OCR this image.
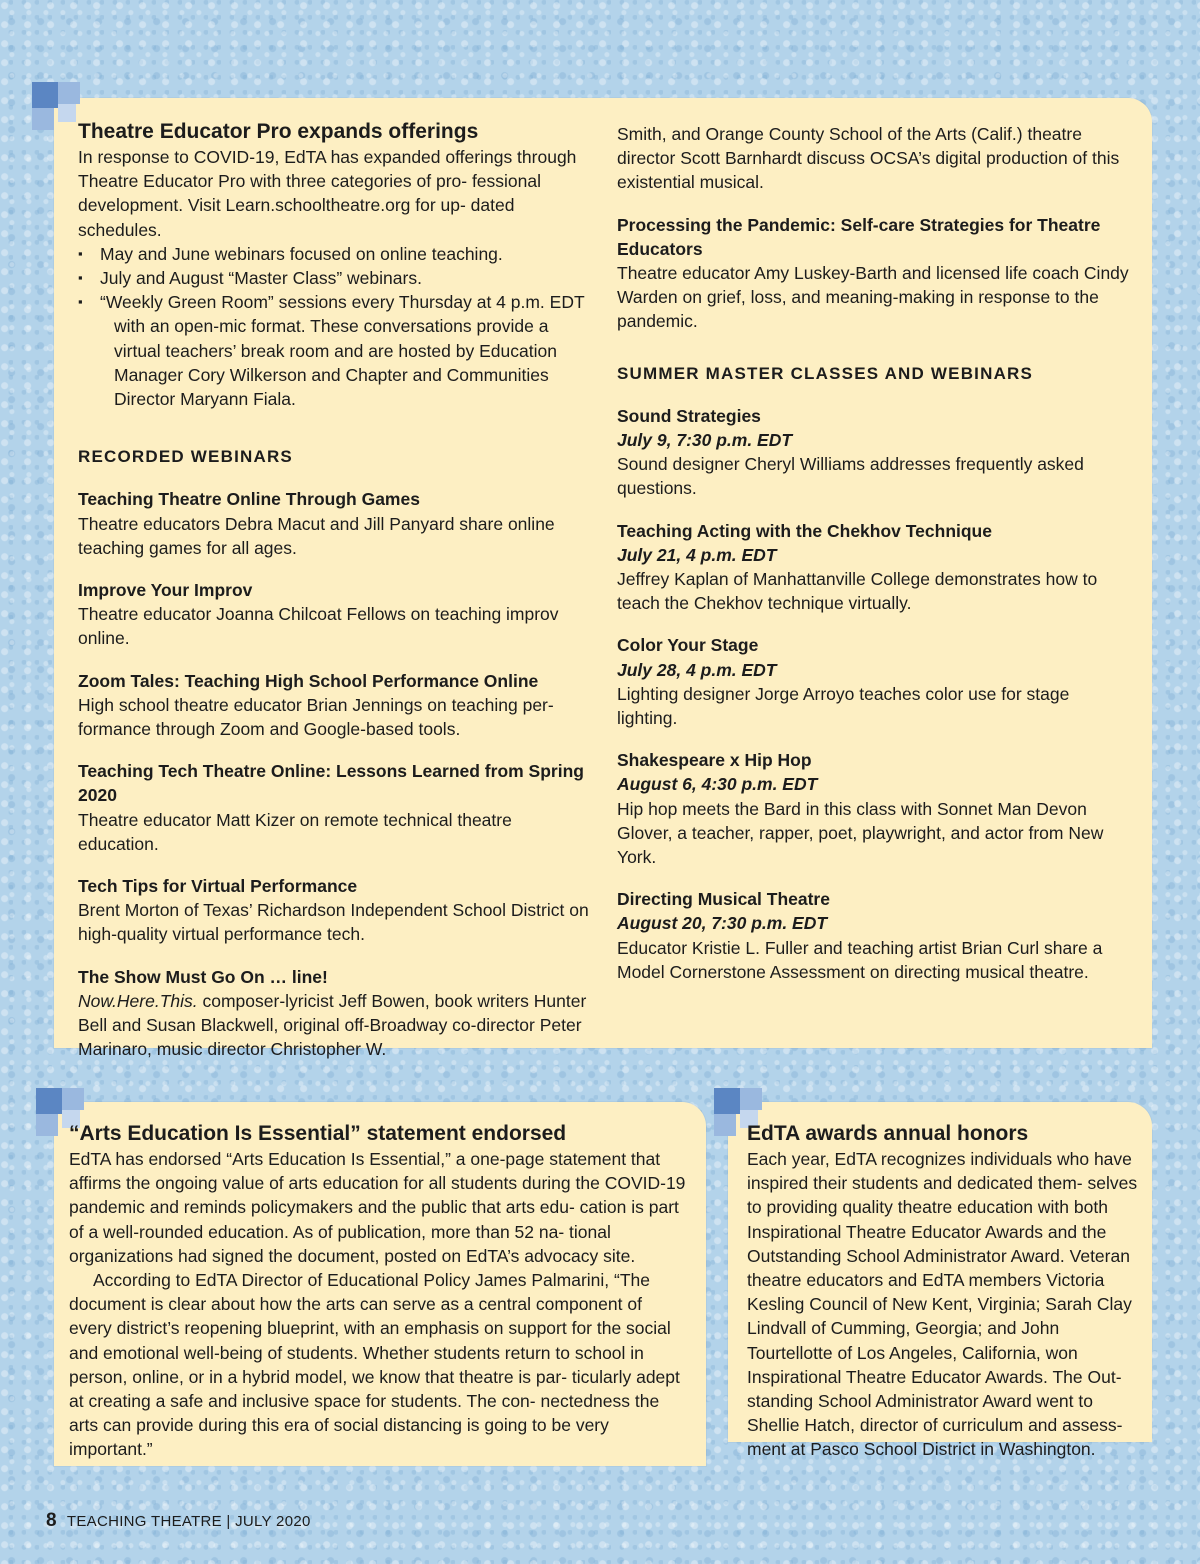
Theatre Educator Pro expands offerings

In response to COVID-19, EdTA has expanded offerings through Theatre Educator Pro with three categories of pro- fessional development. Visit Learn.schooltheatre.org for up- dated schedules.

▪ May and June webinars focused on online teaching.
▪ July and August “Master Class” webinars.
▪ “Weekly Green Room” sessions every Thursday at 4 p.m. EDT with an open-mic format. These conversations provide a virtual teachers’ break room and are hosted by Education Manager Cory Wilkerson and Chapter and Communities Director Maryann Fiala.
RECORDED WEBINARS
Teaching Theatre Online Through Games

Theatre educators Debra Macut and Jill Panyard share online teaching games for all ages.

Improve Your Improv

Theatre educator Joanna Chilcoat Fellows on teaching improv online.

Zoom Tales: Teaching High School Performance Online

High school theatre educator Brian Jennings on teaching per- formance through Zoom and Google-based tools.

Teaching Tech Theatre Online: Lessons Learned from Spring 2020

Theatre educator Matt Kizer on remote technical theatre education.

Tech Tips for Virtual Performance

Brent Morton of Texas’ Richardson Independent School District on high-quality virtual performance tech.

The Show Must Go On … line!

Now.Here.This. composer-lyricist Jeff Bowen, book writers Hunter Bell and Susan Blackwell, original off-Broadway co-director Peter Marinaro, music director Christopher W.

Smith, and Orange County School of the Arts (Calif.) theatre director Scott Barnhardt discuss OCSA’s digital production of this existential musical.

Processing the Pandemic: Self-care Strategies for Theatre Educators

Theatre educator Amy Luskey-Barth and licensed life coach Cindy Warden on grief, loss, and meaning-making in response to the pandemic.

SUMMER MASTER CLASSES AND WEBINARS
Sound Strategies
July 9, 7:30 p.m. EDT

Sound designer Cheryl Williams addresses frequently asked questions.

Teaching Acting with the Chekhov Technique
July 21, 4 p.m. EDT

Jeffrey Kaplan of Manhattanville College demonstrates how to teach the Chekhov technique virtually.

Color Your Stage
July 28, 4 p.m. EDT

Lighting designer Jorge Arroyo teaches color use for stage lighting.

Shakespeare x Hip Hop
August 6, 4:30 p.m. EDT

Hip hop meets the Bard in this class with Sonnet Man Devon Glover, a teacher, rapper, poet, playwright, and actor from New York.

Directing Musical Theatre
August 20, 7:30 p.m. EDT

Educator Kristie L. Fuller and teaching artist Brian Curl share a Model Cornerstone Assessment on directing musical theatre.

“Arts Education Is Essential” statement endorsed

EdTA has endorsed “Arts Education Is Essential,” a one-page statement that affirms the ongoing value of arts education for all students during the COVID-19 pandemic and reminds policymakers and the public that arts edu- cation is part of a well-rounded education. As of publication, more than 52 na- tional organizations had signed the document, posted on EdTA’s advocacy site.

According to EdTA Director of Educational Policy James Palmarini, “The document is clear about how the arts can serve as a central component of every district’s reopening blueprint, with an emphasis on support for the social and emotional well-being of students. Whether students return to school in person, online, or in a hybrid model, we know that theatre is par- ticularly adept at creating a safe and inclusive space for students. The con- nectedness the arts can provide during this era of social distancing is going to be very important.”

EdTA awards annual honors

Each year, EdTA recognizes individuals who have inspired their students and dedicated them- selves to providing quality theatre education with both Inspirational Theatre Educator Awards and the Outstanding School Administrator Award. Veteran theatre educators and EdTA members Victoria Kesling Council of New Kent, Virginia; Sarah Clay Lindvall of Cumming, Georgia; and John Tourtellotte of Los Angeles, California, won Inspirational Theatre Educator Awards. The Out- standing School Administrator Award went to Shellie Hatch, director of curriculum and assess- ment at Pasco School District in Washington.

8 TEACHING THEATRE | JULY 2020
